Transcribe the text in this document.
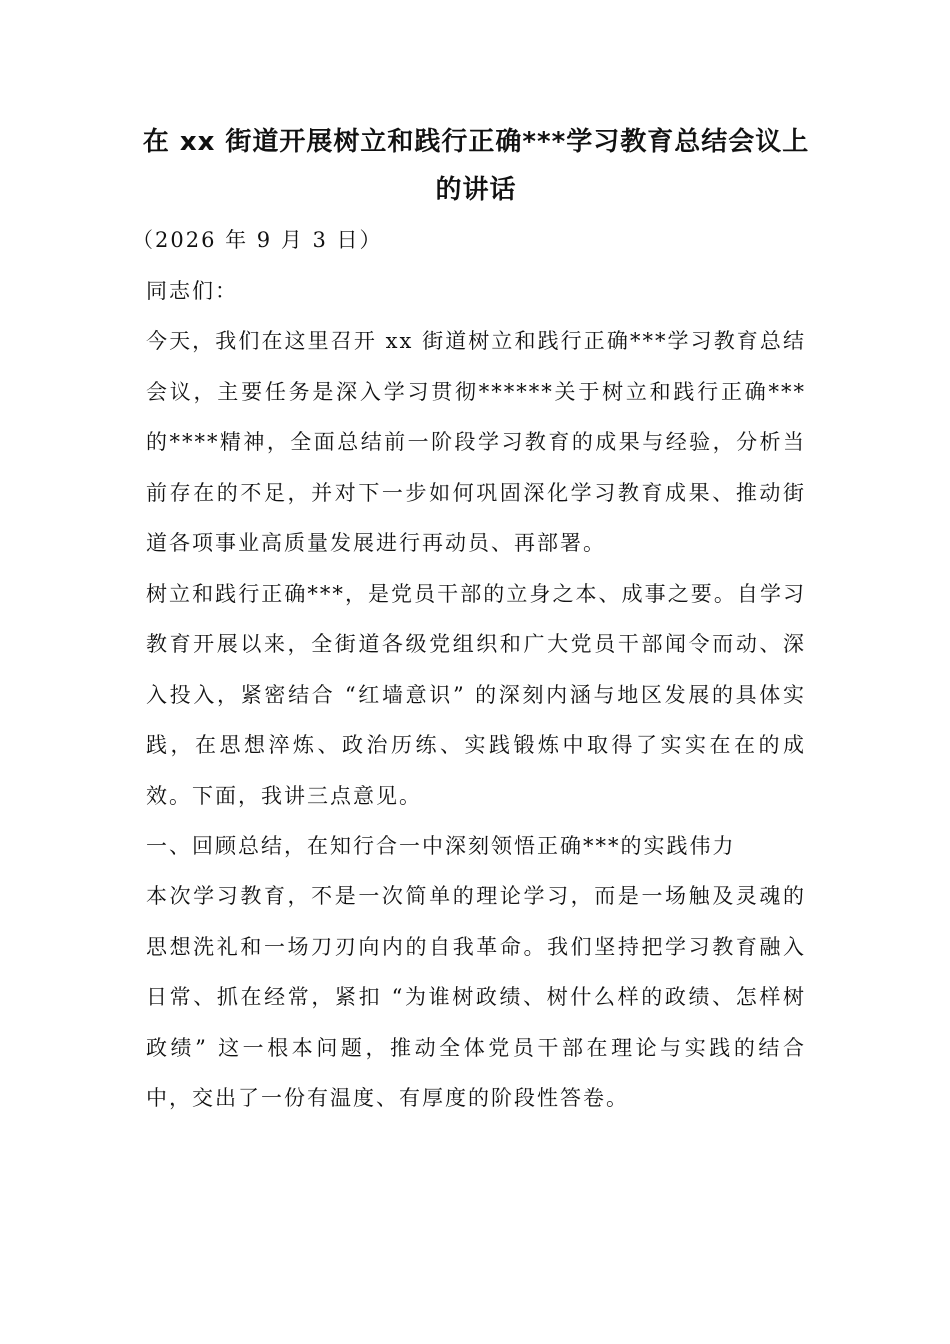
在 xx 街道开展树立和践行正确***学习教育总结会议上的讲话
（2026 年 9 月 3 日）

同志们：

今天，我们在这里召开 xx 街道树立和践行正确***学习教育总结会议，主要任务是深入学习贯彻******关于树立和践行正确***的****精神，全面总结前一阶段学习教育的成果与经验，分析当前存在的不足，并对下一步如何巩固深化学习教育成果、推动街道各项事业高质量发展进行再动员、再部署。

树立和践行正确***，是党员干部的立身之本、成事之要。自学习教育开展以来，全街道各级党组织和广大党员干部闻令而动、深入投入，紧密结合 “红墙意识” 的深刻内涵与地区发展的具体实践，在思想淬炼、政治历练、实践锻炼中取得了实实在在的成效。下面，我讲三点意见。

一、回顾总结，在知行合一中深刻领悟正确***的实践伟力

本次学习教育，不是一次简单的理论学习，而是一场触及灵魂的思想洗礼和一场刀刃向内的自我革命。我们坚持把学习教育融入日常、抓在经常，紧扣 “为谁树政绩、树什么样的政绩、怎样树政绩” 这一根本问题，推动全体党员干部在理论与实践的结合中，交出了一份有温度、有厚度的阶段性答卷。
